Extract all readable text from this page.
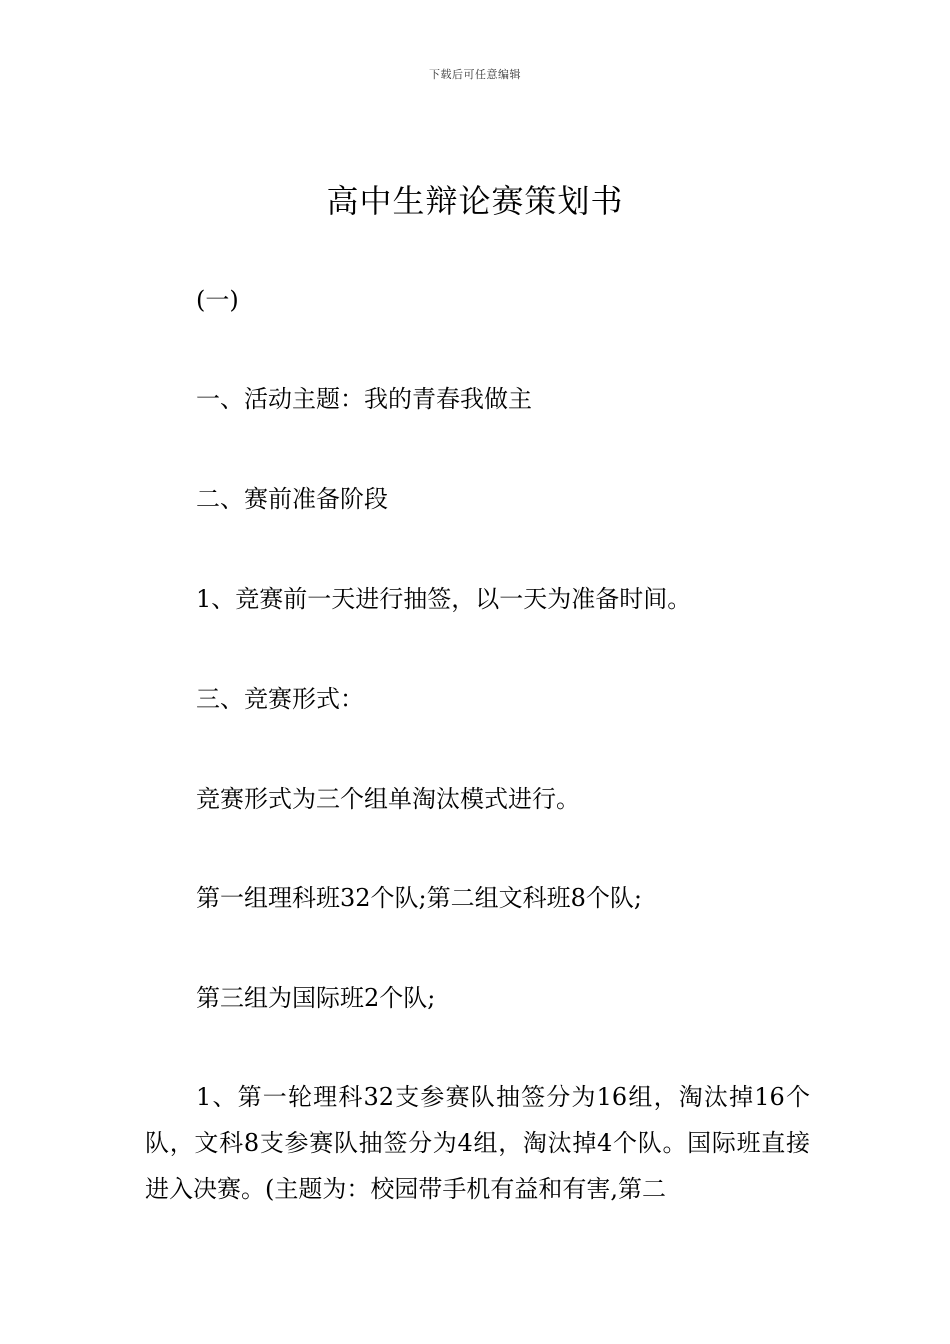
下载后可任意编辑
高中生辩论赛策划书
(一)
一、活动主题：我的青春我做主
二、赛前准备阶段
1、竞赛前一天进行抽签，以一天为准备时间。
三、竞赛形式：
竞赛形式为三个组单淘汰模式进行。
第一组理科班32个队;第二组文科班8个队;
第三组为国际班2个队;
1、第一轮理科32支参赛队抽签分为16组，淘汰掉16个队，文科8支参赛队抽签分为4组，淘汰掉4个队。国际班直接进入决赛。(主题为：校园带手机有益和有害,第二
